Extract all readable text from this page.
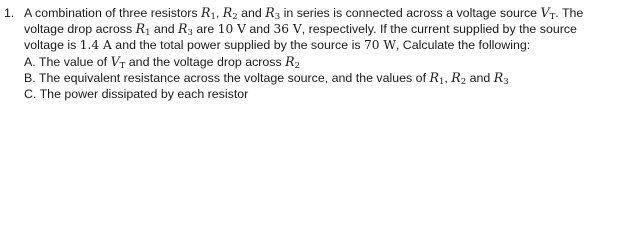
1. A combination of three resistors $R_1$, $R_2$ and $R_3$ in series is connected across a voltage source $V_T$. The
voltage drop across $R_1$ and $R_3$ are 10 V and 36 V, respectively. If the current supplied by the source
voltage is 1.4 A and the total power supplied by the source is 70 W, Calculate the following:
A. The value of $V_T$ and the voltage drop across $R_2$
B. The equivalent resistance across the voltage source, and the values of $R_1$, $R_2$ and $R_3$
C. The power dissipated by each resistor
